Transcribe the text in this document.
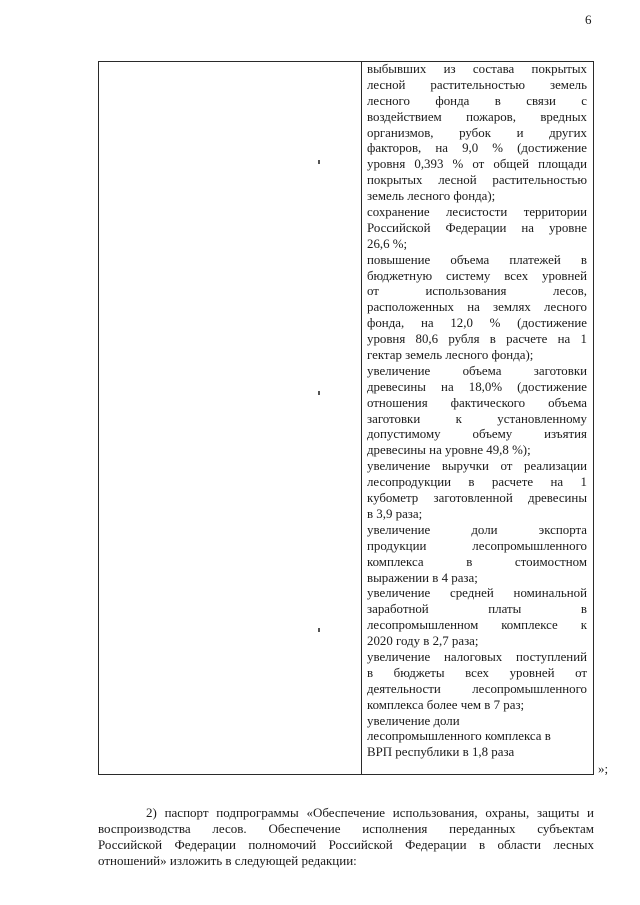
6
выбывших из состава покрытых
лесной растительностью земель
лесного фонда в связи с
воздействием пожаров, вредных
организмов, рубок и других
факторов, на 9,0 % (достижение
уровня 0,393 % от общей площади
покрытых лесной растительностью
земель лесного фонда);
сохранение лесистости территории
Российской Федерации на уровне
26,6 %;
повышение объема платежей в
бюджетную систему всех уровней
от использования лесов,
расположенных на землях лесного
фонда, на 12,0 % (достижение
уровня 80,6 рубля в расчете на 1
гектар земель лесного фонда);
увеличение объема заготовки
древесины на 18,0% (достижение
отношения фактического объема
заготовки к установленному
допустимому объему изъятия
древесины на уровне 49,8 %);
увеличение выручки от реализации
лесопродукции в расчете на 1
кубометр заготовленной древесины
в 3,9 раза;
увеличение доли экспорта
продукции лесопромышленного
комплекса в стоимостном
выражении в 4 раза;
увеличение средней номинальной
заработной платы в
лесопромышленном комплексе к
2020 году в 2,7 раза;
увеличение налоговых поступлений
в бюджеты всех уровней от
деятельности лесопромышленного
комплекса более чем в 7 раз;
увеличение доли
лесопромышленного комплекса в
ВРП республики в 1,8 раза
»;
2) паспорт подпрограммы «Обеспечение использования, охраны, защиты и
воспроизводства лесов. Обеспечение исполнения переданных субъектам
Российской Федерации полномочий Российской Федерации в области лесных
отношений» изложить в следующей редакции:
